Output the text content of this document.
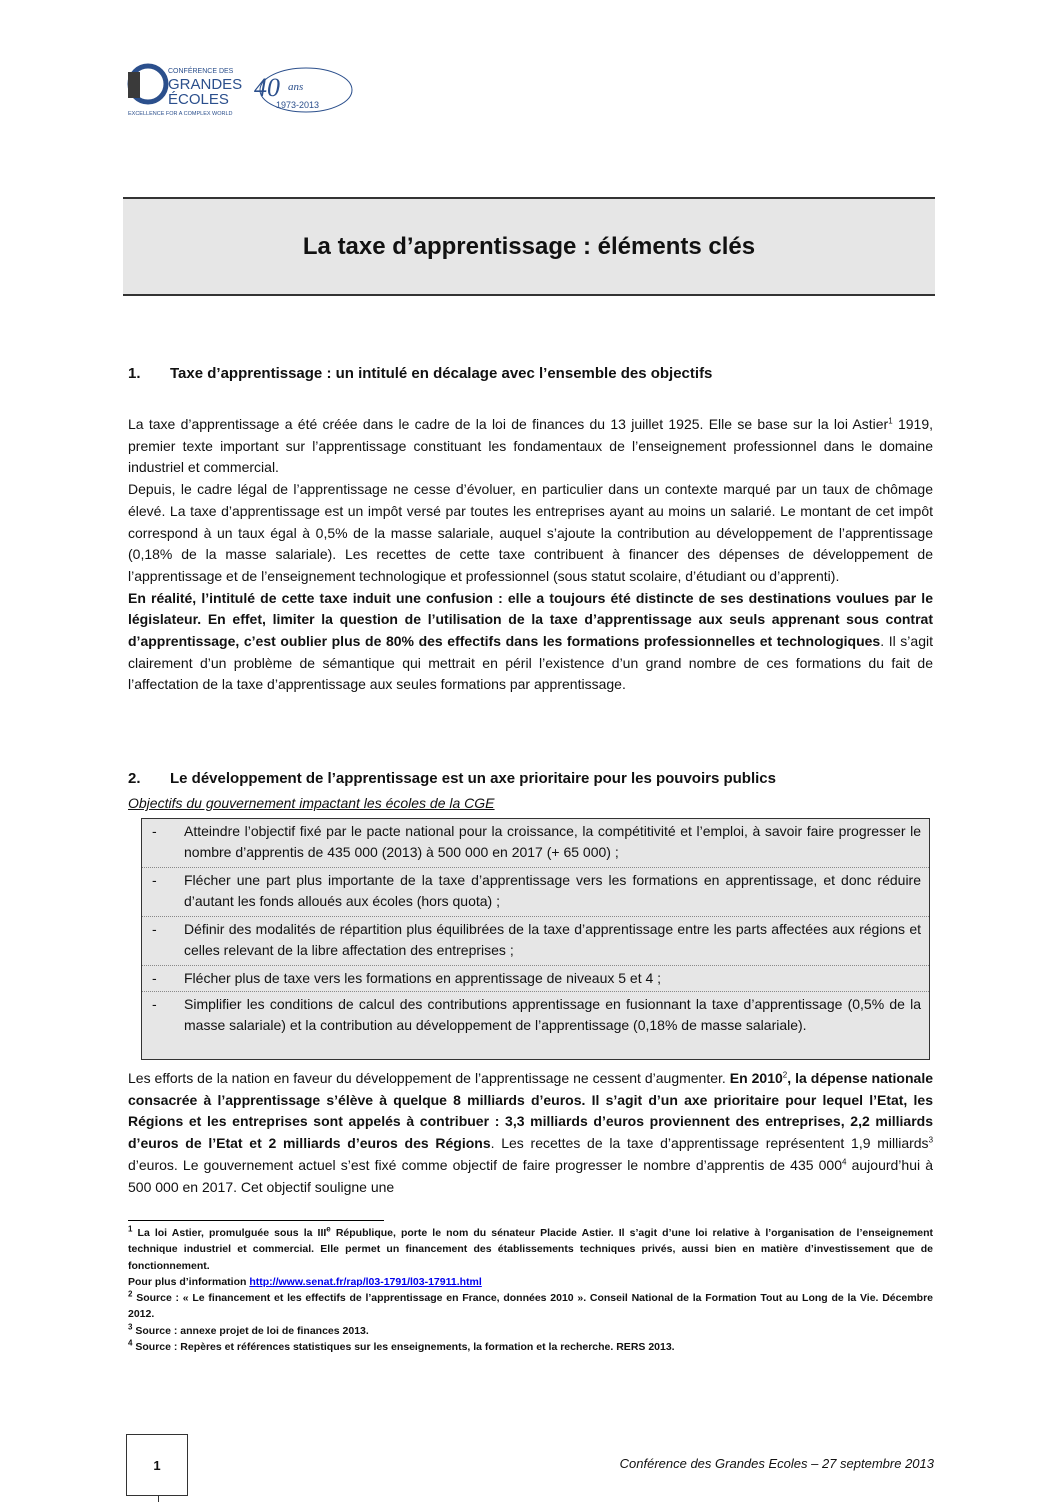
CONFÉRENCE DES
GRANDES
ÉCOLES
EXCELLENCE FOR A COMPLEX WORLD
40 ans
1973-2013
La taxe d’apprentissage : éléments clés

1. Taxe d’apprentissage : un intitulé en décalage avec l’ensemble des objectifs

La taxe d’apprentissage a été créée dans le cadre de la loi de finances du 13 juillet 1925. Elle se base sur la loi Astier$^1$ 1919, premier texte important sur l’apprentissage constituant les fondamentaux de l’enseignement professionnel dans le domaine industriel et commercial.

Depuis, le cadre légal de l’apprentissage ne cesse d’évoluer, en particulier dans un contexte marqué par un taux de chômage élevé. La taxe d’apprentissage est un impôt versé par toutes les entreprises ayant au moins un salarié. Le montant de cet impôt correspond à un taux égal à 0,5% de la masse salariale, auquel s’ajoute la contribution au développement de l’apprentissage (0,18% de la masse salariale). Les recettes de cette taxe contribuent à financer des dépenses de développement de l’apprentissage et de l’enseignement technologique et professionnel (sous statut scolaire, d’étudiant ou d’apprenti).

En réalité, l’intitulé de cette taxe induit une confusion : elle a toujours été distincte de ses destinations voulues par le législateur. En effet, limiter la question de l’utilisation de la taxe d’apprentissage aux seuls apprenant sous contrat d’apprentissage, c’est oublier plus de 80% des effectifs dans les formations professionnelles et technologiques. Il s’agit clairement d’un problème de sémantique qui mettrait en péril l’existence d’un grand nombre de ces formations du fait de l’affectation de la taxe d’apprentissage aux seules formations par apprentissage.

2. Le développement de l’apprentissage est un axe prioritaire pour les pouvoirs publics

Objectifs du gouvernement impactant les écoles de la CGE

- Atteindre l’objectif fixé par le pacte national pour la croissance, la compétitivité et l’emploi, à savoir faire progresser le nombre d’apprentis de 435 000 (2013) à 500 000 en 2017 (+ 65 000) ;
- Flécher une part plus importante de la taxe d’apprentissage vers les formations en apprentissage, et donc réduire d’autant les fonds alloués aux écoles (hors quota) ;
- Définir des modalités de répartition plus équilibrées de la taxe d’apprentissage entre les parts affectées aux régions et celles relevant de la libre affectation des entreprises ;
- Flécher plus de taxe vers les formations en apprentissage de niveaux 5 et 4 ;
- Simplifier les conditions de calcul des contributions apprentissage en fusionnant la taxe d’apprentissage (0,5% de la masse salariale) et la contribution au développement de l’apprentissage (0,18% de masse salariale).

Les efforts de la nation en faveur du développement de l’apprentissage ne cessent d’augmenter. En 2010$^2$, la dépense nationale consacrée à l’apprentissage s’élève à quelque 8 milliards d’euros. Il s’agit d’un axe prioritaire pour lequel l’Etat, les Régions et les entreprises sont appelés à contribuer : 3,3 milliards d’euros proviennent des entreprises, 2,2 milliards d’euros de l’Etat et 2 milliards d’euros des Régions. Les recettes de la taxe d’apprentissage représentent 1,9 milliards$^3$ d’euros. Le gouvernement actuel s’est fixé comme objectif de faire progresser le nombre d’apprentis de 435 $000^4$ aujourd’hui à 500 000 en 2017. Cet objectif souligne une

$^1$ La loi Astier, promulguée sous la IIIe République, porte le nom du sénateur Placide Astier. Il s’agit d’une loi relative à l’organisation de l’enseignement technique industriel et commercial. Elle permet un financement des établissements techniques privés, aussi bien en matière d’investissement que de fonctionnement.

Pour plus d’information http://www.senat.fr/rap/l03-1791/l03-17911.html

$^2$ Source : « Le financement et les effectifs de l’apprentissage en France, données 2010 ». Conseil National de la Formation Tout au Long de la Vie. Décembre 2012.

$^3$ Source : annexe projet de loi de finances 2013.

$^4$ Source : Repères et références statistiques sur les enseignements, la formation et la recherche. RERS 2013.

1	Conférence des Grandes Ecoles – 27 septembre 2013
